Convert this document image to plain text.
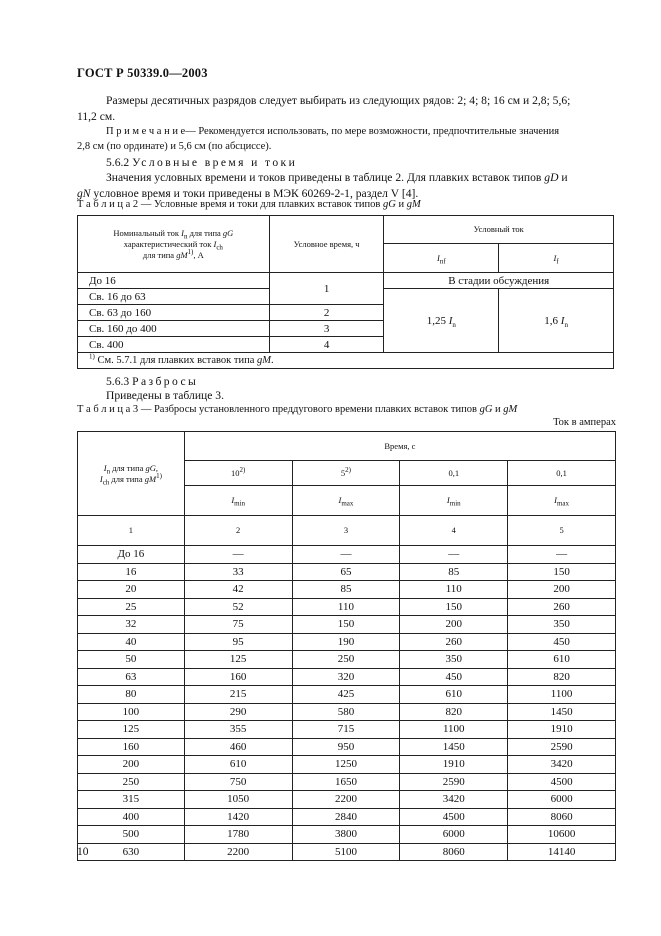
ГОСТ Р 50339.0—2003
Размеры десятичных разрядов следует выбирать из следующих рядов: 2; 4; 8; 16 см и 2,8; 5,6;
11,2 см.
П р и м е ч а н и е— Рекомендуется использовать, по мере возможности, предпочтительные значения
2,8 см (по ординате) и 5,6 см (по абсциссе).
5.6.2 Условные время и токи
Значения условных времени и токов приведены в таблице 2. Для плавких вставок типов gD и
gN условное время и токи приведены в МЭК 60269-2-1, раздел V [4].
Т а б л и ц а 2 — Условные время и токи для плавких вставок типов gG и gM
Номинальный ток $I_n$ для типа gG
характеристический ток $I_{ch}$
для типа $gM^{1)}$, А	Условное время, ч	Условный ток	
		$I_{nf}$	$I_f$
До 16	1	В стадии обсуждения	
Св. 16 до 63		1,25 $I_n$	1,6 $I_n$
Св. 63 до 160	2		
Св. 160 до 400	3		
Св. 400	4		
$^{1)}$ См. 5.7.1 для плавких вставок типа gM.			
5.6.3 Разбросы
Приведены в таблице 3.
Т а б л и ц а 3 — Разбросы установленного преддугового времени плавких вставок типов gG и gM
Ток в амперах
$I_n$ для типа gG,
$I_{ch}$ для типа $gM^{1)}$	Время, с			
	10$^{2)}$	5$^{2)}$	0,1	0,1
	$I_{min}$	$I_{max}$	$I_{min}$	$I_{max}$
1	2	3	4	5
До 16	—	—	—	—
16	33	65	85	150
20	42	85	110	200
25	52	110	150	260
32	75	150	200	350
40	95	190	260	450
50	125	250	350	610
63	160	320	450	820
80	215	425	610	1100
100	290	580	820	1450
125	355	715	1100	1910
160	460	950	1450	2590
200	610	1250	1910	3420
250	750	1650	2590	4500
315	1050	2200	3420	6000
400	1420	2840	4500	8060
500	1780	3800	6000	10600
630	2200	5100	8060	14140
10
